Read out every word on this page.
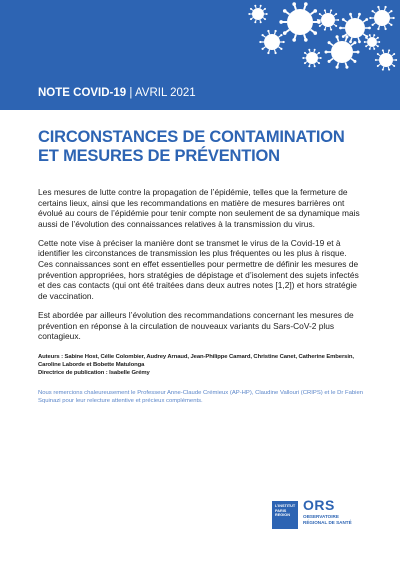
NOTE COVID-19 | AVRIL 2021
CIRCONSTANCES DE CONTAMINATION
ET MESURES DE PRÉVENTION

Les mesures de lutte contre la propagation de l’épidémie, telles que la fermeture de certains lieux, ainsi que les recommandations en matière de mesures barrières ont évolué au cours de l’épidémie pour tenir compte non seulement de sa dynamique mais aussi de l’évolution des connaissances relatives à la transmission du virus.

Cette note vise à préciser la manière dont se transmet le virus de la Covid-19 et à identifier les circonstances de transmission les plus fréquentes ou les plus à risque. Ces connaissances sont en effet essentielles pour permettre de définir les mesures de prévention appropriées, hors stratégies de dépistage et d’isolement des sujets infectés et des cas contacts (qui ont été traitées dans deux autres notes [1,2]) et hors stratégie de vaccination.

Est abordée par ailleurs l’évolution des recommandations concernant les mesures de prévention en réponse à la circulation de nouveaux variants du Sars-CoV-2 plus contagieux.

Auteurs : Sabine Host, Célie Colombier, Audrey Arnaud, Jean-Philippe Camard, Christine Canet, Catherine Embersin,
Caroline Laborde et Bobette Matulonga
Directrice de publication : Isabelle Grémy
Nous remercions chaleureusement le Professeur Anne-Claude Crémieux (AP-HP), Claudine Vallouri (CRIPS) et le Dr Fabien
Squinazi pour leur relecture attentive et précieux compléments.
L’INSTITUT
PARIS
REGION
ORS
OBSERVATOIRE
RÉGIONAL DE SANTÉ
